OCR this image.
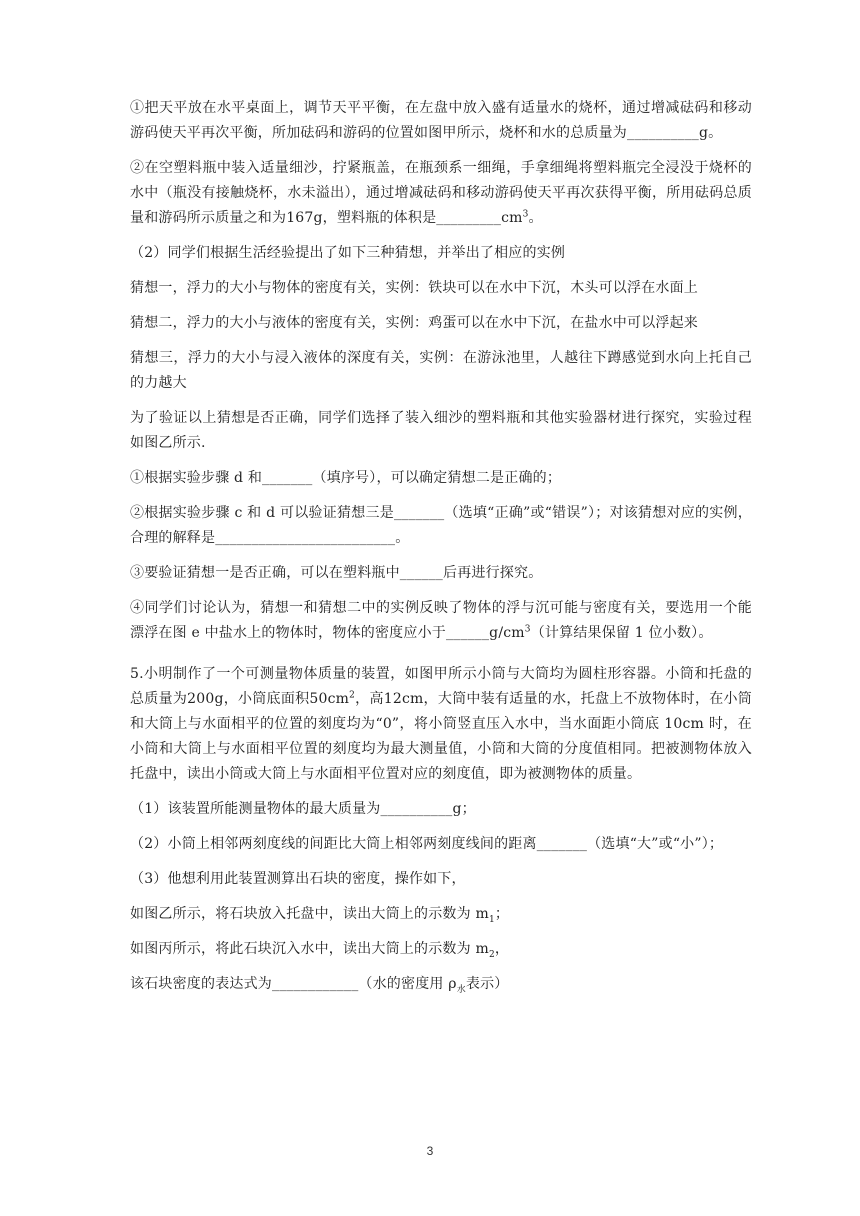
①把天平放在水平桌面上，调节天平平衡，在左盘中放入盛有适量水的烧杯，通过增减砝码和移动游码使天平再次平衡，所加砝码和游码的位置如图甲所示，烧杯和水的总质量为__________g。

②在空塑料瓶中装入适量细沙，拧紧瓶盖，在瓶颈系一细绳，手拿细绳将塑料瓶完全浸没于烧杯的水中（瓶没有接触烧杯，水未溢出），通过增减砝码和移动游码使天平再次获得平衡，所用砝码总质量和游码所示质量之和为167g，塑料瓶的体积是$\_\_\_\_\_\_\_\_\_cm^3$。

（2）同学们根据生活经验提出了如下三种猜想，并举出了相应的实例

猜想一，浮力的大小与物体的密度有关，实例：铁块可以在水中下沉，木头可以浮在水面上

猜想二，浮力的大小与液体的密度有关，实例：鸡蛋可以在水中下沉，在盐水中可以浮起来

猜想三，浮力的大小与浸入液体的深度有关，实例：在游泳池里，人越往下蹲感觉到水向上托自己的力越大

为了验证以上猜想是否正确，同学们选择了装入细沙的塑料瓶和其他实验器材进行探究，实验过程如图乙所示.

①根据实验步骤 d 和_______（填序号），可以确定猜想二是正确的；

②根据实验步骤 c 和 d 可以验证猜想三是_______（选填“正确”或“错误”）；对该猜想对应的实例，合理的解释是_________________________。

③要验证猜想一是否正确，可以在塑料瓶中______后再进行探究。

④同学们讨论认为，猜想一和猜想二中的实例反映了物体的浮与沉可能与密度有关，要选用一个能漂浮在图 e 中盐水上的物体时，物体的密度应小于$\_\_\_\_\_\_g/cm^3$（计算结果保留 1 位小数）。

5.小明制作了一个可测量物体质量的装置，如图甲所示小筒与大筒均为圆柱形容器。小筒和托盘的总质量为200g，小筒底面积$50cm^2$，高12cm，大筒中装有适量的水，托盘上不放物体时，在小筒和大筒上与水面相平的位置的刻度均为“0”，将小筒竖直压入水中，当水面距小筒底 10cm 时，在小筒和大筒上与水面相平位置的刻度均为最大测量值，小筒和大筒的分度值相同。把被测物体放入托盘中，读出小筒或大筒上与水面相平位置对应的刻度值，即为被测物体的质量。

（1）该装置所能测量物体的最大质量为__________g；

（2）小筒上相邻两刻度线的间距比大筒上相邻两刻度线间的距离_______（选填“大”或“小”）；

（3）他想利用此装置测算出石块的密度，操作如下，

如图乙所示，将石块放入托盘中，读出大筒上的示数为 $m_1$；

如图丙所示，将此石块沉入水中，读出大筒上的示数为 $m_2$，

该石块密度的表达式为____________（水的密度用 $\rho_水$表示）

3
